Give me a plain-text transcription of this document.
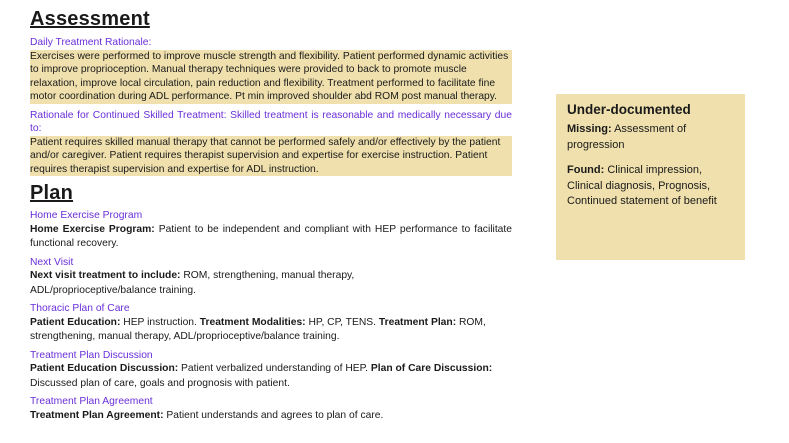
Assessment
Daily Treatment Rationale:
Exercises were performed to improve muscle strength and flexibility. Patient performed dynamic activities to improve proprioception. Manual therapy techniques were provided to back to promote muscle relaxation, improve local circulation, pain reduction and flexibility. Treatment performed to facilitate fine motor coordination during ADL performance. Pt min improved shoulder abd ROM post manual therapy.
Rationale for Continued Skilled Treatment: Skilled treatment is reasonable and medically necessary due to:
Patient requires skilled manual therapy that cannot be performed safely and/or effectively by the patient and/or caregiver. Patient requires therapist supervision and expertise for exercise instruction. Patient requires therapist supervision and expertise for ADL instruction.
Plan
Home Exercise Program
Home Exercise Program: Patient to be independent and compliant with HEP performance to facilitate functional recovery.
Next Visit
Next visit treatment to include: ROM, strengthening, manual therapy, ADL/proprioceptive/balance training.
Thoracic Plan of Care
Patient Education: HEP instruction. Treatment Modalities: HP, CP, TENS. Treatment Plan: ROM, strengthening, manual therapy, ADL/proprioceptive/balance training.
Treatment Plan Discussion
Patient Education Discussion: Patient verbalized understanding of HEP. Plan of Care Discussion: Discussed plan of care, goals and prognosis with patient.
Treatment Plan Agreement
Treatment Plan Agreement: Patient understands and agrees to plan of care.
Under-documented

Missing: Assessment of progression

Found: Clinical impression, Clinical diagnosis, Prognosis, Continued statement of benefit
